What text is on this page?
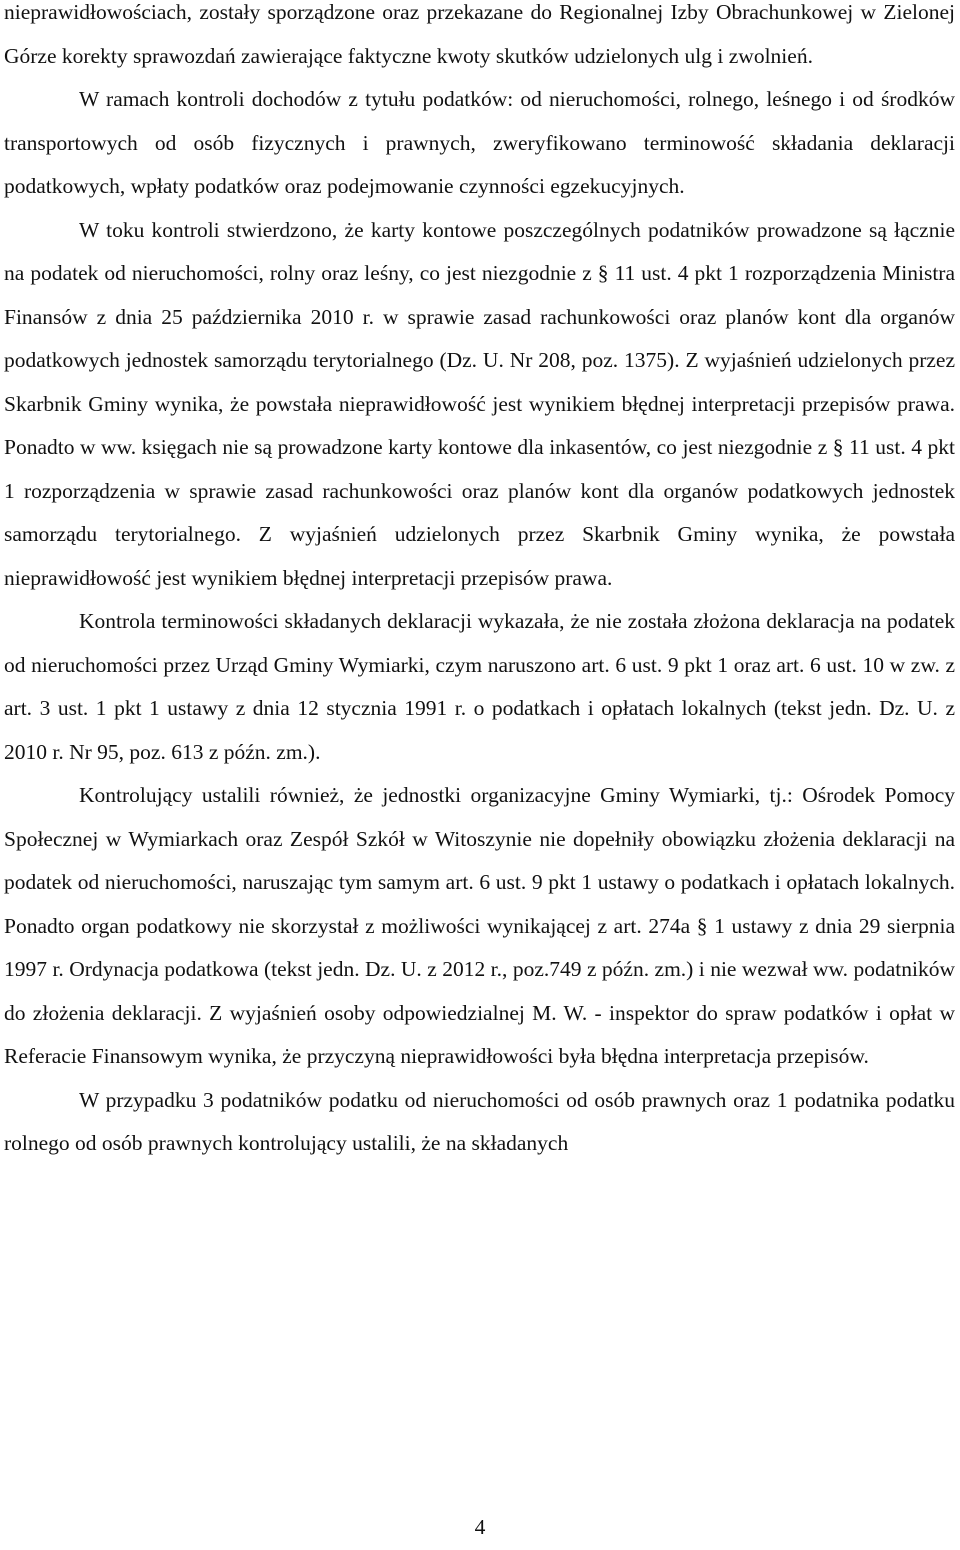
nieprawidłowościach, zostały sporządzone oraz przekazane do Regionalnej Izby Obrachunkowej w Zielonej Górze korekty sprawozdań zawierające faktyczne kwoty skutków udzielonych ulg i zwolnień.

W ramach kontroli dochodów z tytułu podatków: od nieruchomości, rolnego, leśnego i od środków transportowych od osób fizycznych i prawnych, zweryfikowano terminowość składania deklaracji podatkowych, wpłaty podatków oraz podejmowanie czynności egzekucyjnych.

W toku kontroli stwierdzono, że karty kontowe poszczególnych podatników prowadzone są łącznie na podatek od nieruchomości, rolny oraz leśny, co jest niezgodnie z § 11 ust. 4 pkt 1 rozporządzenia Ministra Finansów z dnia 25 października 2010 r. w sprawie zasad rachunkowości oraz planów kont dla organów podatkowych jednostek samorządu terytorialnego (Dz. U. Nr 208, poz. 1375). Z wyjaśnień udzielonych przez Skarbnik Gminy wynika, że powstała nieprawidłowość jest wynikiem błędnej interpretacji przepisów prawa. Ponadto w ww. księgach nie są prowadzone karty kontowe dla inkasentów, co jest niezgodnie z § 11 ust. 4 pkt 1 rozporządzenia w sprawie zasad rachunkowości oraz planów kont dla organów podatkowych jednostek samorządu terytorialnego. Z wyjaśnień udzielonych przez Skarbnik Gminy wynika, że powstała nieprawidłowość jest wynikiem błędnej interpretacji przepisów prawa.

Kontrola terminowości składanych deklaracji wykazała, że nie została złożona deklaracja na podatek od nieruchomości przez Urząd Gminy Wymiarki, czym naruszono art. 6 ust. 9 pkt 1 oraz art. 6 ust. 10 w zw. z art. 3 ust. 1 pkt 1 ustawy z dnia 12 stycznia 1991 r. o podatkach i opłatach lokalnych (tekst jedn. Dz. U. z 2010 r. Nr 95, poz. 613 z późn. zm.).

Kontrolujący ustalili również, że jednostki organizacyjne Gminy Wymiarki, tj.: Ośrodek Pomocy Społecznej w Wymiarkach oraz Zespół Szkół w Witoszynie nie dopełniły obowiązku złożenia deklaracji na podatek od nieruchomości, naruszając tym samym art. 6 ust. 9 pkt 1 ustawy o podatkach i opłatach lokalnych. Ponadto organ podatkowy nie skorzystał z możliwości wynikającej z art. 274a § 1 ustawy z dnia 29 sierpnia 1997 r. Ordynacja podatkowa (tekst jedn. Dz. U. z 2012 r., poz.749 z późn. zm.) i nie wezwał ww. podatników do złożenia deklaracji. Z wyjaśnień osoby odpowiedzialnej M. W. - inspektor do spraw podatków i opłat w Referacie Finansowym wynika, że przyczyną nieprawidłowości była błędna interpretacja przepisów.

W przypadku 3 podatników podatku od nieruchomości od osób prawnych oraz 1 podatnika podatku rolnego od osób prawnych kontrolujący ustalili, że na składanych

4
